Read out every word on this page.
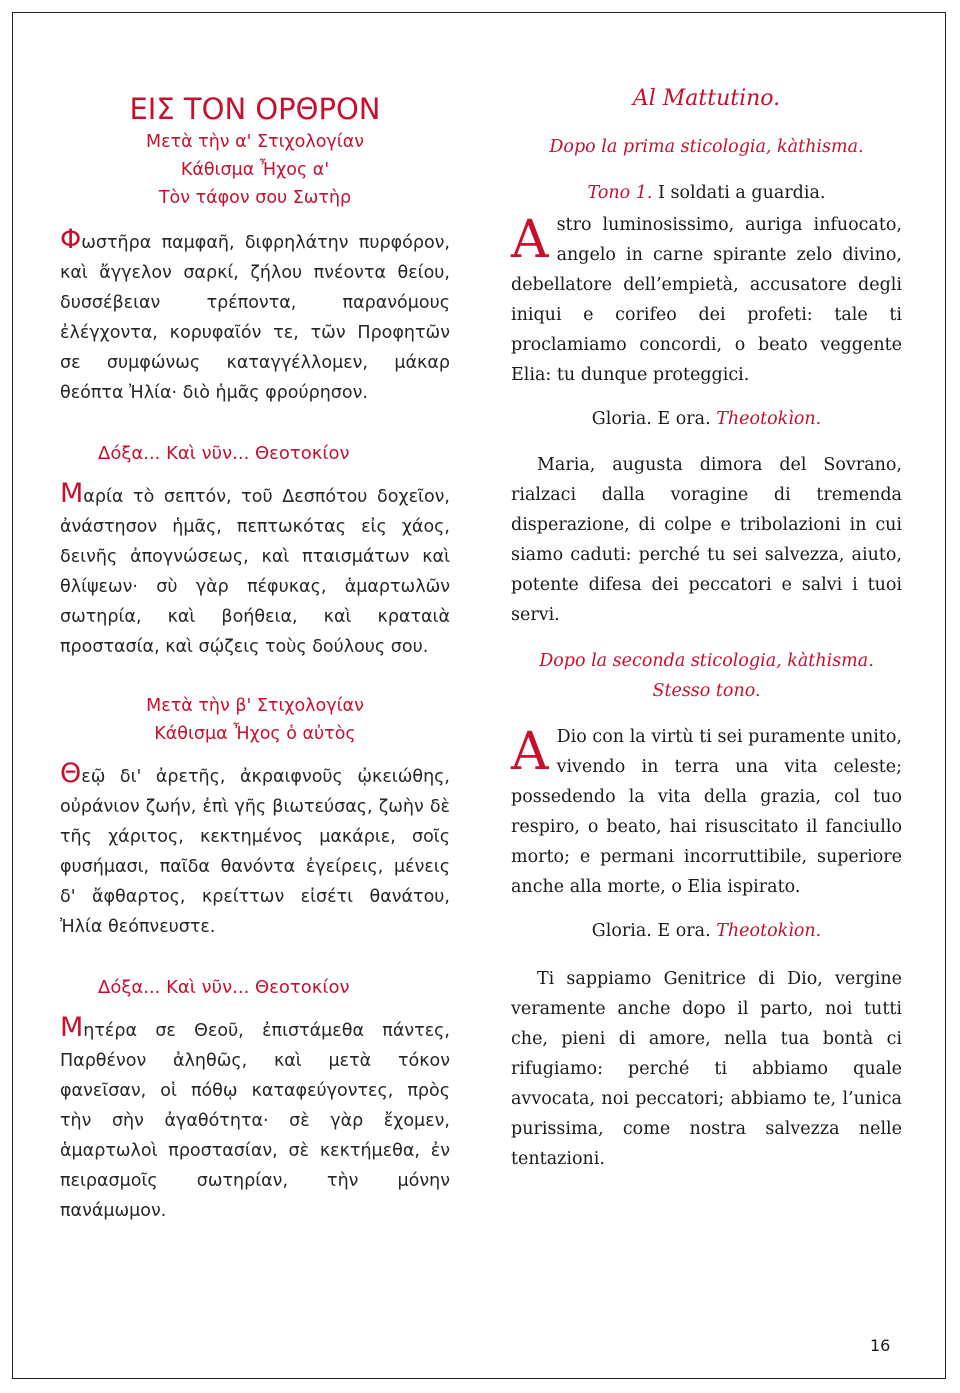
ΕΙΣ ΤΟΝ ΟΡΘΡΟΝ
Μετὰ τὴν α' Στιχολογίαν
Κάθισμα Ἦχος α'
Τὸν τάφον σου Σωτὴρ

Φωστῆρα παμφαῆ, διφρηλάτην πυρφόρον, καὶ ἄγγελον σαρκί, ζήλου πνέοντα θείου, δυσσέβειαν τρέποντα, παρανόμους ἐλέγχοντα, κορυφαῖόν τε, τῶν Προφητῶν σε συμφώνως καταγγέλλομεν, μάκαρ θεόπτα Ἠλία· διὸ ἡμᾶς φρούρησον.

Δόξα... Καὶ νῦν... Θεοτοκίον

Μαρία τὸ σεπτόν, τοῦ Δεσπότου δοχεῖον, ἀνάστησον ἡμᾶς, πεπτωκότας εἰς χάος, δεινῆς ἀπογνώσεως, καὶ πταισμάτων καὶ θλίψεων· σὺ γὰρ πέφυκας, ἁμαρτωλῶν σωτηρία, καὶ βοήθεια, καὶ κραταιὰ προστασία, καὶ σῴζεις τοὺς δούλους σου.

Μετὰ τὴν β' Στιχολογίαν
Κάθισμα Ἦχος ὁ αὐτὸς

Θεῷ δι' ἀρετῆς, ἀκραιφνοῦς ᾠκειώθης, οὐράνιον ζωήν, ἐπὶ γῆς βιωτεύσας, ζωὴν δὲ τῆς χάριτος, κεκτημένος μακάριε, σοῖς φυσήμασι, παῖδα θανόντα ἐγείρεις, μένεις δ' ἄφθαρτος, κρείττων εἰσέτι θανάτου, Ἠλία θεόπνευστε.

Δόξα... Καὶ νῦν... Θεοτοκίον

Μητέρα σε Θεοῦ, ἐπιστάμεθα πάντες, Παρθένον ἀληθῶς, καὶ μετὰ τόκον φανεῖσαν, οἱ πόθῳ καταφεύγοντες, πρὸς τὴν σὴν ἀγαθότητα· σὲ γὰρ ἔχομεν, ἁμαρτωλοὶ προστασίαν, σὲ κεκτήμεθα, ἐν πειρασμοῖς σωτηρίαν, τὴν μόνην πανάμωμον.

Al Mattutino.
Dopo la prima sticologia, kàthisma.
Tono 1. I soldati a guardia.

Astro luminosissimo, auriga infuocato, angelo in carne spirante zelo divino, debellatore dell’empietà, accusatore degli iniqui e corifeo dei profeti: tale ti proclamiamo concordi, o beato veggente Elia: tu dunque proteggici.

Gloria. E ora. Theotokìon.

Maria, augusta dimora del Sovrano, rialzaci dalla voragine di tremenda disperazione, di colpe e tribolazioni in cui siamo caduti: perché tu sei salvezza, aiuto, potente difesa dei peccatori e salvi i tuoi servi.

Dopo la seconda sticologia, kàthisma.
Stesso tono.

A Dio con la virtù ti sei puramente unito, vivendo in terra una vita celeste; possedendo la vita della grazia, col tuo respiro, o beato, hai risuscitato il fanciullo morto; e permani incorruttibile, superiore anche alla morte, o Elia ispirato.

Gloria. E ora. Theotokìon.

Ti sappiamo Genitrice di Dio, vergine veramente anche dopo il parto, noi tutti che, pieni di amore, nella tua bontà ci rifugiamo: perché ti abbiamo quale avvocata, noi peccatori; abbiamo te, l’unica purissima, come nostra salvezza nelle tentazioni.

16
